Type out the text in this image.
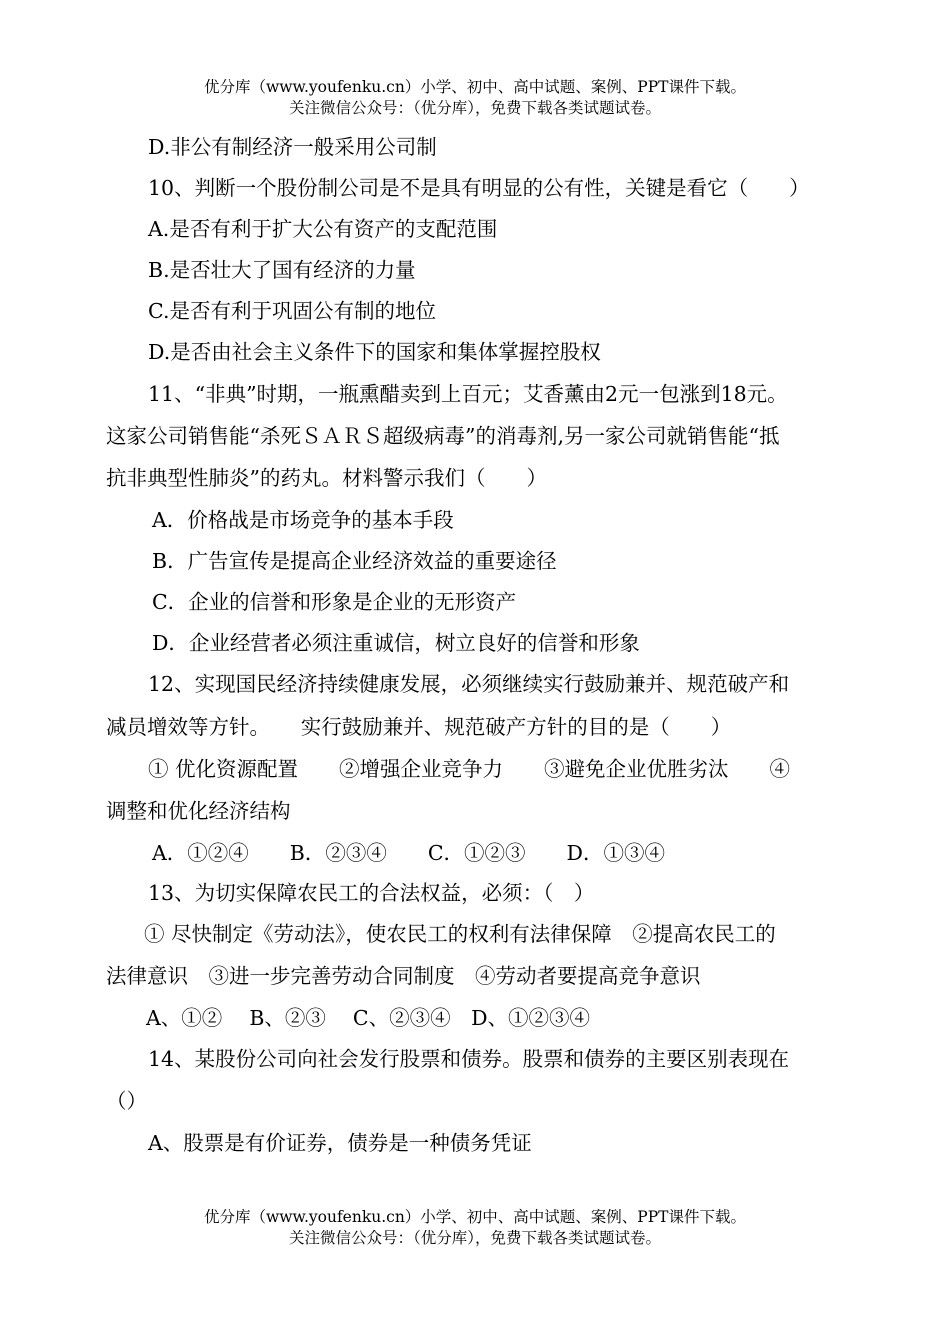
优分库（www.youfenku.cn）小学、初中、高中试题、案例、PPT课件下载。
关注微信公众号：（优分库），免费下载各类试题试卷。
D.非公有制经济一般采用公司制
10、判断一个股份制公司是不是具有明显的公有性，关键是看它（　　）
A.是否有利于扩大公有资产的支配范围
B.是否壮大了国有经济的力量
C.是否有利于巩固公有制的地位
D.是否由社会主义条件下的国家和集体掌握控股权
11、“非典”时期，一瓶熏醋卖到上百元；艾香薰由2元一包涨到18元。
这家公司销售能“杀死ＳＡＲＳ超级病毒”的消毒剂,另一家公司就销售能“抵
抗非典型性肺炎”的药丸。材料警示我们（　　）
A．价格战是市场竞争的基本手段
B．广告宣传是提高企业经济效益的重要途径
C．企业的信誉和形象是企业的无形资产
D．企业经营者必须注重诚信，树立良好的信誉和形象
12、实现国民经济持续健康发展，必须继续实行鼓励兼并、规范破产和
减员增效等方针。　　实行鼓励兼并、规范破产方针的目的是（　　）
① 优化资源配置　　②增强企业竞争力　　③避免企业优胜劣汰　　④
调整和优化经济结构
A．①②④　　B．②③④　　C．①②③　　D．①③④
13、为切实保障农民工的合法权益，必须：（　）
① 尽快制定《劳动法》，使农民工的权利有法律保障　②提高农民工的
法律意识　③进一步完善劳动合同制度　④劳动者要提高竞争意识
A、①②　 B、②③　 C、②③④　D、①②③④
14、某股份公司向社会发行股票和债券。股票和债券的主要区别表现在
（）
A、股票是有价证券，债券是一种债务凭证
优分库（www.youfenku.cn）小学、初中、高中试题、案例、PPT课件下载。
关注微信公众号：（优分库），免费下载各类试题试卷。
